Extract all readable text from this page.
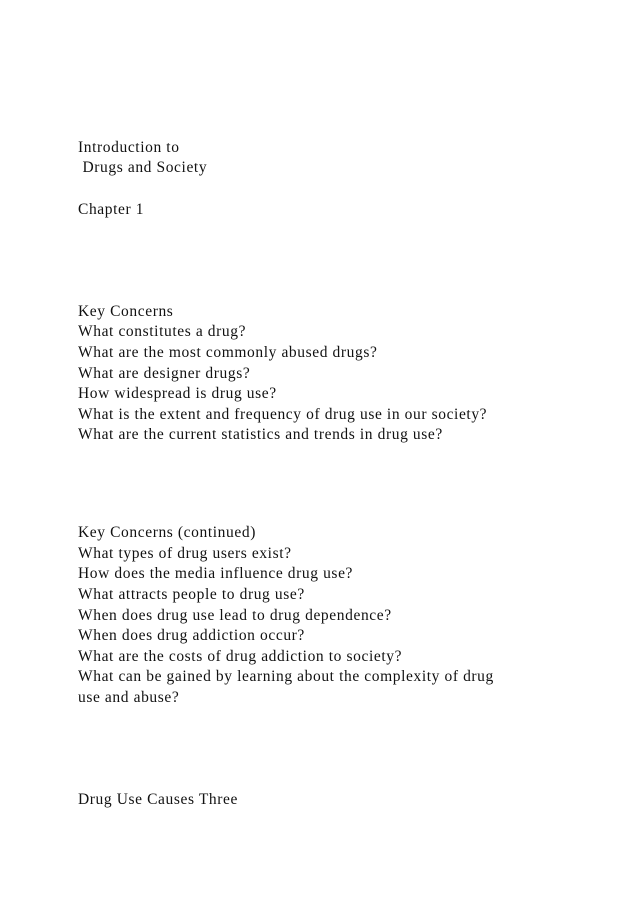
Introduction to

Drugs and Society

Chapter 1

Key Concerns

What constitutes a drug?

What are the most commonly abused drugs?

What are designer drugs?

How widespread is drug use?

What is the extent and frequency of drug use in our society?

What are the current statistics and trends in drug use?

Key Concerns (continued)

What types of drug users exist?

How does the media influence drug use?

What attracts people to drug use?

When does drug use lead to drug dependence?

When does drug addiction occur?

What are the costs of drug addiction to society?

What can be gained by learning about the complexity of drug

use and abuse?

Drug Use Causes Three
